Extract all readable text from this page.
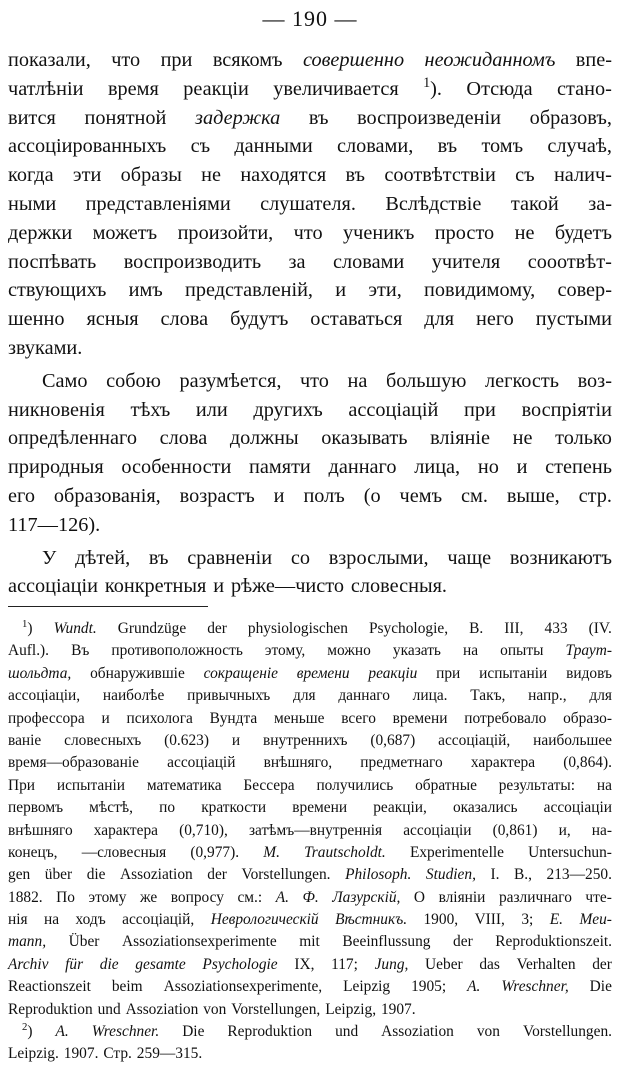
— 190 —
показали, что при всякомъ совершенно неожиданномъ впе-
чатлѣніи время реакціи увеличивается $^1$). Отсюда стано-
вится понятной задержка въ воспроизведеніи образовъ,
ассоціированныхъ съ данными словами, въ томъ случаѣ,
когда эти образы не находятся въ соотвѣтствіи съ налич-
ными представленіями слушателя. Вслѣдствіе такой за-
держки можетъ произойти, что ученикъ просто не будетъ
поспѣвать воспроизводить за словами учителя сооотвѣт-
ствующихъ имъ представленій, и эти, повидимому, совер-
шенно ясныя слова будутъ оставаться для него пустыми
звуками.
Само собою разумѣется, что на большую легкость воз-
никновенія тѣхъ или другихъ ассоціацій при воспріятіи
опредѣленнаго слова должны оказывать вліяніе не только
природныя особенности памяти даннаго лица, но и степень
его образованія, возрастъ и полъ (о чемъ см. выше, стр.
117—126).
У дѣтей, въ сравненіи со взрослыми, чаще возникаютъ
ассоціаціи конкретныя и рѣже—чисто словесныя.
$^1$) Wundt. Grundzüge der physiologischen Psychologie, B. III, 433 (IV.
Aufl.). Въ противоположность этому, можно указать на опыты Траут-
шольдта, обнаружившіе сокращеніе времени реакціи при испытаніи видовъ
ассоціаціи, наиболѣе привычныхъ для даннаго лица. Такъ, напр., для
профессора и психолога Вундта меньше всего времени потребовало образо-
ваніе словесныхъ (0.623) и внутреннихъ (0,687) ассоціацій, наибольшее
время—образованіе ассоціацій внѣшняго, предметнаго характера (0,864).
При испытаніи математика Бессера получились обратные результаты: на
первомъ мѣстѣ, по краткости времени реакціи, оказались ассоціаціи
внѣшняго характера (0,710), затѣмъ—внутреннія ассоціаціи (0,861) и, на-
конецъ, —словесныя (0,977). M. Trautscholdt. Experimentelle Untersuchun-
gen über die Assoziation der Vorstellungen. Philosoph. Studien, I. B., 213—250.
1882. По этому же вопросу см.: А. Ф. Лазурскій, О вліяніи различнаго чте-
нія на ходъ ассоціацій, Неврологическій Вѣстникъ. 1900, VIII, 3; E. Meu-
mann, Über Assoziationsexperimente mit Beeinflussung der Reproduktionszeit.
Archiv für die gesamte Psychologie IX, 117; Jung, Ueber das Verhalten der
Reactionszeit beim Assoziationsexperimente, Leipzig 1905; A. Wreschner, Die
Reproduktion und Assoziation von Vorstellungen, Leipzig, 1907.
$^2$) A. Wreschner. Die Reproduktion und Assoziation von Vorstellungen.
Leipzig. 1907. Стр. 259—315.
